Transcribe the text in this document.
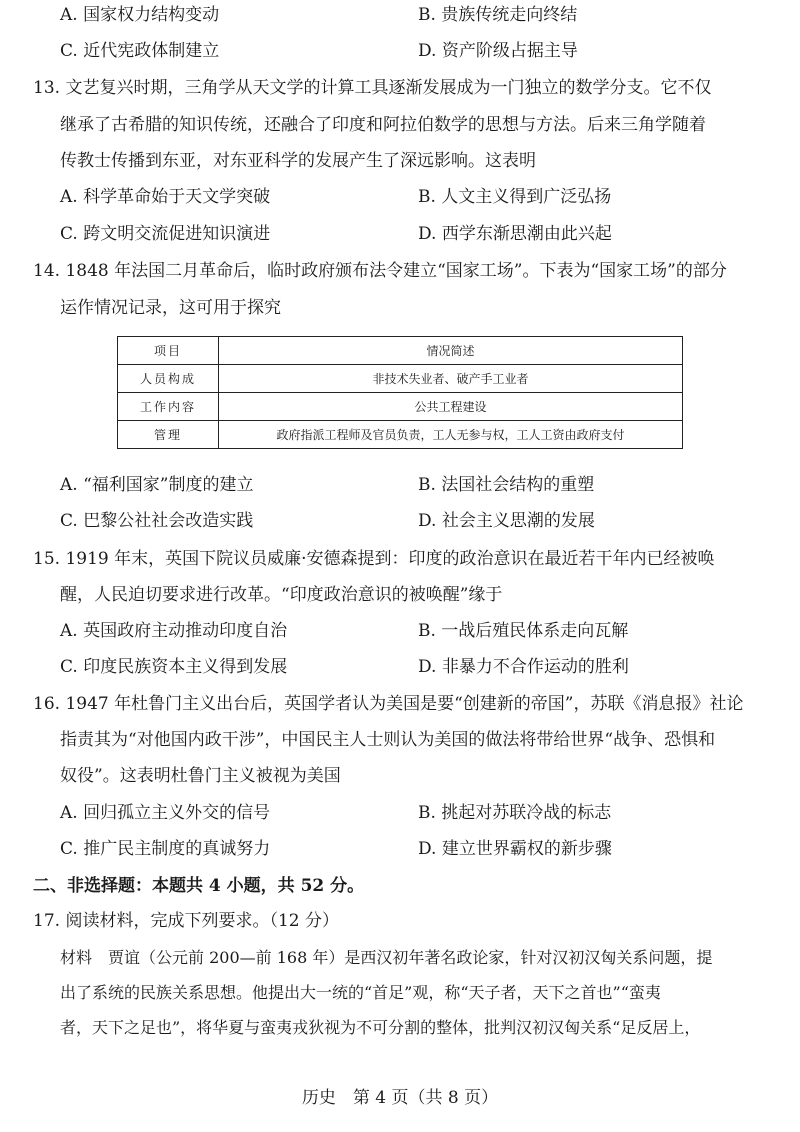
A. 国家权力结构变动	B. 贵族传统走向终结
C. 近代宪政体制建立	D. 资产阶级占据主导
13. 文艺复兴时期，三角学从天文学的计算工具逐渐发展成为一门独立的数学分支。它不仅
继承了古希腊的知识传统，还融合了印度和阿拉伯数学的思想与方法。后来三角学随着
传教士传播到东亚，对东亚科学的发展产生了深远影响。这表明
A. 科学革命始于天文学突破	B. 人文主义得到广泛弘扬
C. 跨文明交流促进知识演进	D. 西学东渐思潮由此兴起
14. 1848 年法国二月革命后，临时政府颁布法令建立“国家工场”。下表为“国家工场”的部分
运作情况记录，这可用于探究
项目	情况简述
人员构成	非技术失业者、破产手工业者
工作内容	公共工程建设
管理	政府指派工程师及官员负责，工人无参与权，工人工资由政府支付
A. “福利国家”制度的建立	B. 法国社会结构的重塑
C. 巴黎公社社会改造实践	D. 社会主义思潮的发展
15. 1919 年末，英国下院议员威廉·安德森提到：印度的政治意识在最近若干年内已经被唤
醒，人民迫切要求进行改革。“印度政治意识的被唤醒”缘于
A. 英国政府主动推动印度自治	B. 一战后殖民体系走向瓦解
C. 印度民族资本主义得到发展	D. 非暴力不合作运动的胜利
16. 1947 年杜鲁门主义出台后，英国学者认为美国是要“创建新的帝国”，苏联《消息报》社论
指责其为“对他国内政干涉”，中国民主人士则认为美国的做法将带给世界“战争、恐惧和
奴役”。这表明杜鲁门主义被视为美国
A. 回归孤立主义外交的信号	B. 挑起对苏联冷战的标志
C. 推广民主制度的真诚努力	D. 建立世界霸权的新步骤
二、非选择题：本题共 4 小题，共 52 分。
17. 阅读材料，完成下列要求。（12 分）
材料　贾谊（公元前 200—前 168 年）是西汉初年著名政论家，针对汉初汉匈关系问题，提
出了系统的民族关系思想。他提出大一统的“首足”观，称“天子者，天下之首也”“蛮夷
者，天下之足也”，将华夏与蛮夷戎狄视为不可分割的整体，批判汉初汉匈关系“足反居上，
历史　第 4 页（共 8 页）
